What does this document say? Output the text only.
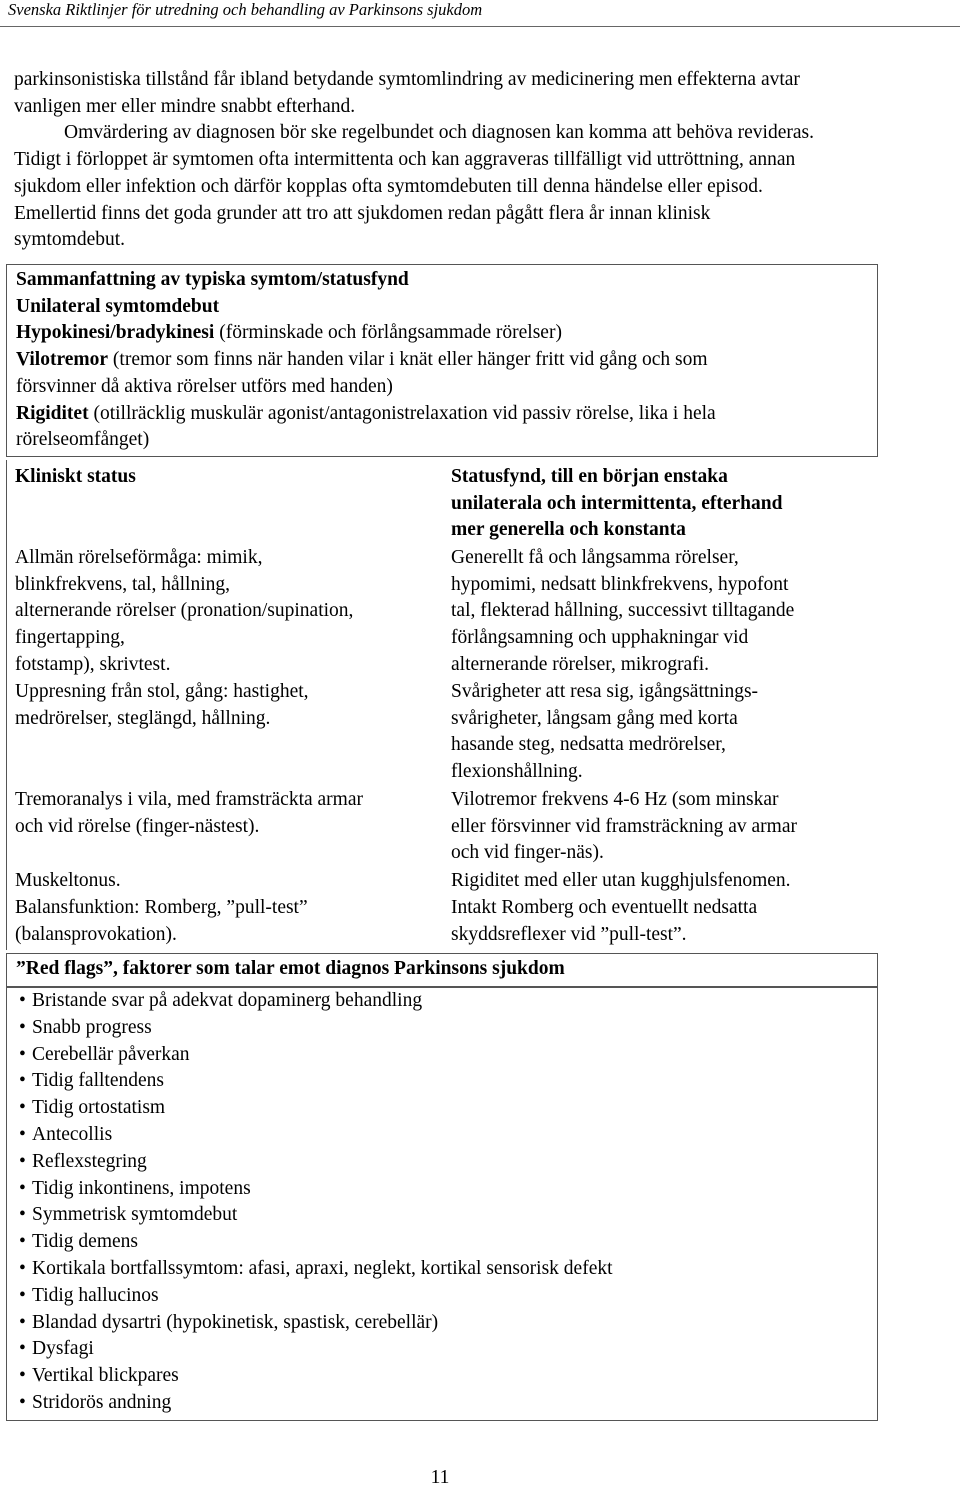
Svenska Riktlinjer för utredning och behandling av Parkinsons sjukdom

parkinsonistiska tillstånd får ibland betydande symtomlindring av medicinering men effekterna avtar

vanligen mer eller mindre snabbt efterhand.

Omvärdering av diagnosen bör ske regelbundet och diagnosen kan komma att behöva revideras.

Tidigt i förloppet är symtomen ofta intermittenta och kan aggraveras tillfälligt vid uttröttning, annan

sjukdom eller infektion och därför kopplas ofta symtomdebuten till denna händelse eller episod.

Emellertid finns det goda grunder att tro att sjukdomen redan pågått flera år innan klinisk

symtomdebut.

Sammanfattning av typiska symtom/statusfynd

Unilateral symtomdebut

Hypokinesi/bradykinesi (förminskade och förlångsammade rörelser)

Vilotremor (tremor som finns när handen vilar i knät eller hänger fritt vid gång och som

försvinner då aktiva rörelser utförs med handen)

Rigiditet (otillräcklig muskulär agonist/antagonistrelaxation vid passiv rörelse, lika i hela

rörelseomfånget)

Kliniskt status	Statusfynd, till en början enstaka

unilaterala och intermittenta, efterhand

mer generella och konstanta

Allmän rörelseförmåga: mimik,

blinkfrekvens, tal, hållning,

alternerande rörelser (pronation/supination,

fingertapping,

fotstamp), skrivtest.

Generellt få och långsamma rörelser,

hypomimi, nedsatt blinkfrekvens, hypofont

tal, flekterad hållning, successivt tilltagande

förlångsamning och upphakningar vid

alternerande rörelser, mikrografi.

Uppresning från stol, gång: hastighet,

medrörelser, steglängd, hållning.

Svårigheter att resa sig, igångsättnings-

svårigheter, långsam gång med korta

hasande steg, nedsatta medrörelser,

flexionshållning.

Tremoranalys i vila, med framsträckta armar

och vid rörelse (finger-nästest).

Vilotremor frekvens 4-6 Hz (som minskar

eller försvinner vid framsträckning av armar

och vid finger-näs).

Muskeltonus.	Rigiditet med eller utan kugghjulsfenomen.

Balansfunktion: Romberg, ”pull-test”

(balansprovokation).

Intakt Romberg och eventuellt nedsatta

skyddsreflexer vid ”pull-test”.

”Red flags”, faktorer som talar emot diagnos Parkinsons sjukdom

• Bristande svar på adekvat dopaminerg behandling
• Snabb progress
• Cerebellär påverkan
• Tidig falltendens
• Tidig ortostatism
• Antecollis
• Reflexstegring
• Tidig inkontinens, impotens
• Symmetrisk symtomdebut
• Tidig demens
• Kortikala bortfallssymtom: afasi, apraxi, neglekt, kortikal sensorisk defekt
• Tidig hallucinos
• Blandad dysartri (hypokinetisk, spastisk, cerebellär)
• Dysfagi
• Vertikal blickpares
• Stridorös andning
11
